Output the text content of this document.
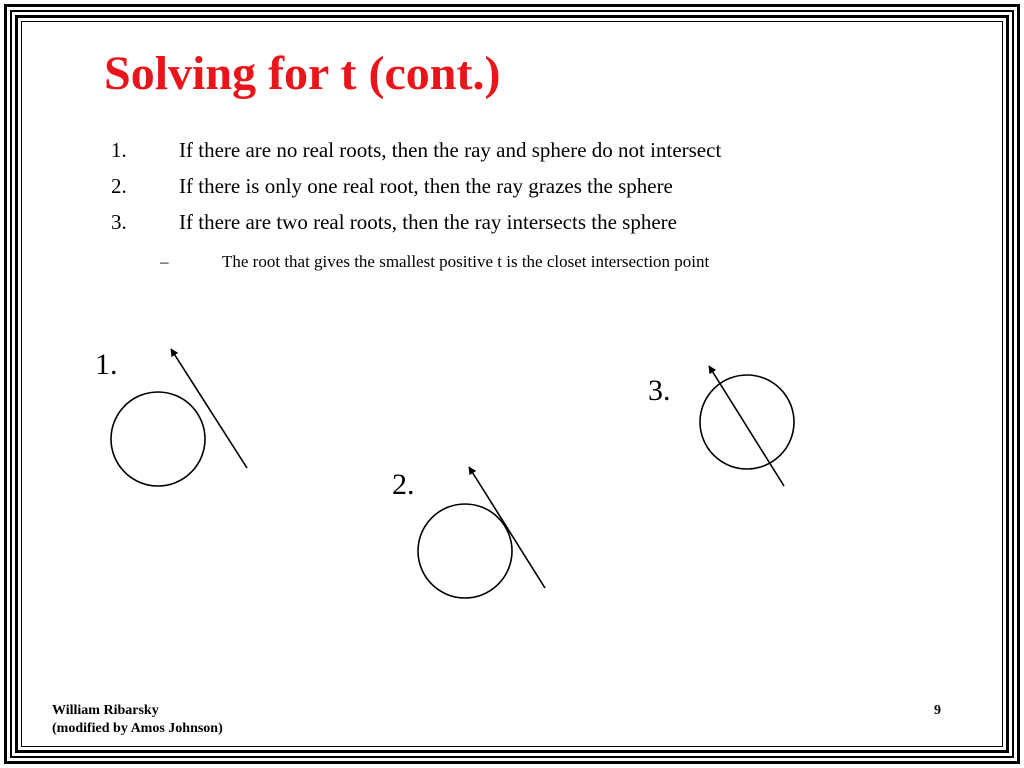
Solving for t (cont.)
1. If there are no real roots, then the ray and sphere do not intersect
2. If there is only one real root, then the ray grazes the sphere
3. If there are two real roots, then the ray intersects the sphere
–	The root that gives the smallest positive t is the closet intersection point
1.
2.
3.
William Ribarsky
(modified by Amos Johnson)
9
